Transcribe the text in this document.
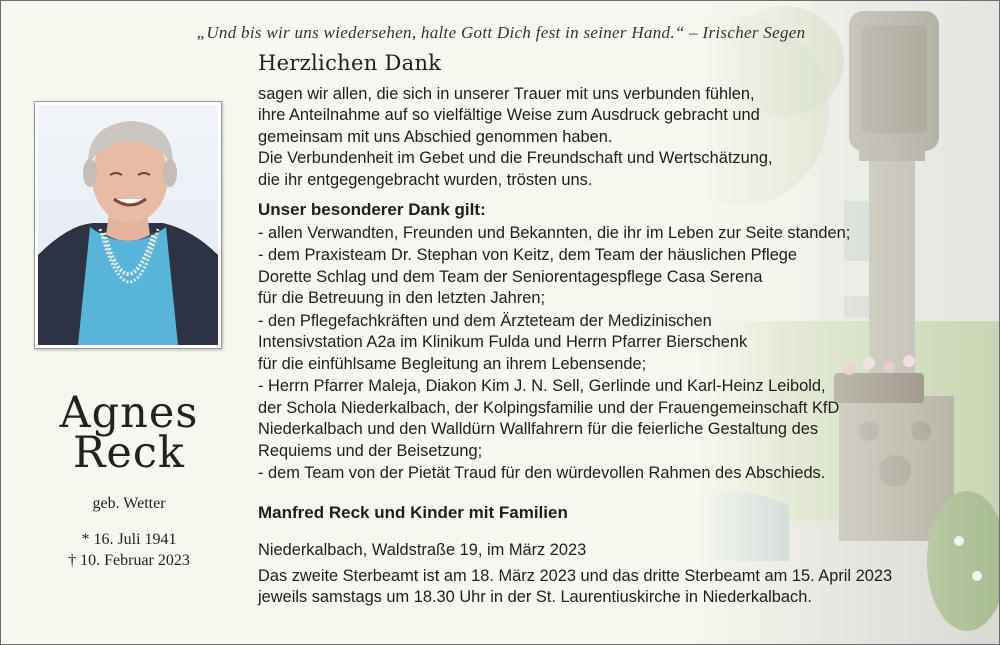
„Und bis wir uns wiedersehen, halte Gott Dich fest in seiner Hand.“ – Irischer Segen
Agnes
Reck
geb. Wetter
* 16. Juli 1941
† 10. Februar 2023
Herzlichen Dank
sagen wir allen, die sich in unserer Trauer mit uns verbunden fühlen,
ihre Anteilnahme auf so vielfältige Weise zum Ausdruck gebracht und
gemeinsam mit uns Abschied genommen haben.
Die Verbundenheit im Gebet und die Freundschaft und Wertschätzung,
die ihr entgegengebracht wurden, trösten uns.
Unser besonderer Dank gilt:
- allen Verwandten, Freunden und Bekannten, die ihr im Leben zur Seite standen;
- dem Praxisteam Dr. Stephan von Keitz, dem Team der häuslichen Pflege
Dorette Schlag und dem Team der Seniorentagespflege Casa Serena
für die Betreuung in den letzten Jahren;
- den Pflegefachkräften und dem Ärzteteam der Medizinischen
Intensivstation A2a im Klinikum Fulda und Herrn Pfarrer Bierschenk
für die einfühlsame Begleitung an ihrem Lebensende;
- Herrn Pfarrer Maleja, Diakon Kim J. N. Sell, Gerlinde und Karl-Heinz Leibold,
der Schola Niederkalbach, der Kolpingsfamilie und der Frauengemeinschaft KfD
Niederkalbach und den Walldürn Wallfahrern für die feierliche Gestaltung des
Requiems und der Beisetzung;
- dem Team von der Pietät Traud für den würdevollen Rahmen des Abschieds.
Manfred Reck und Kinder mit Familien
Niederkalbach, Waldstraße 19, im März 2023
Das zweite Sterbeamt ist am 18. März 2023 und das dritte Sterbeamt am 15. April 2023
jeweils samstags um 18.30 Uhr in der St. Laurentiuskirche in Niederkalbach.
